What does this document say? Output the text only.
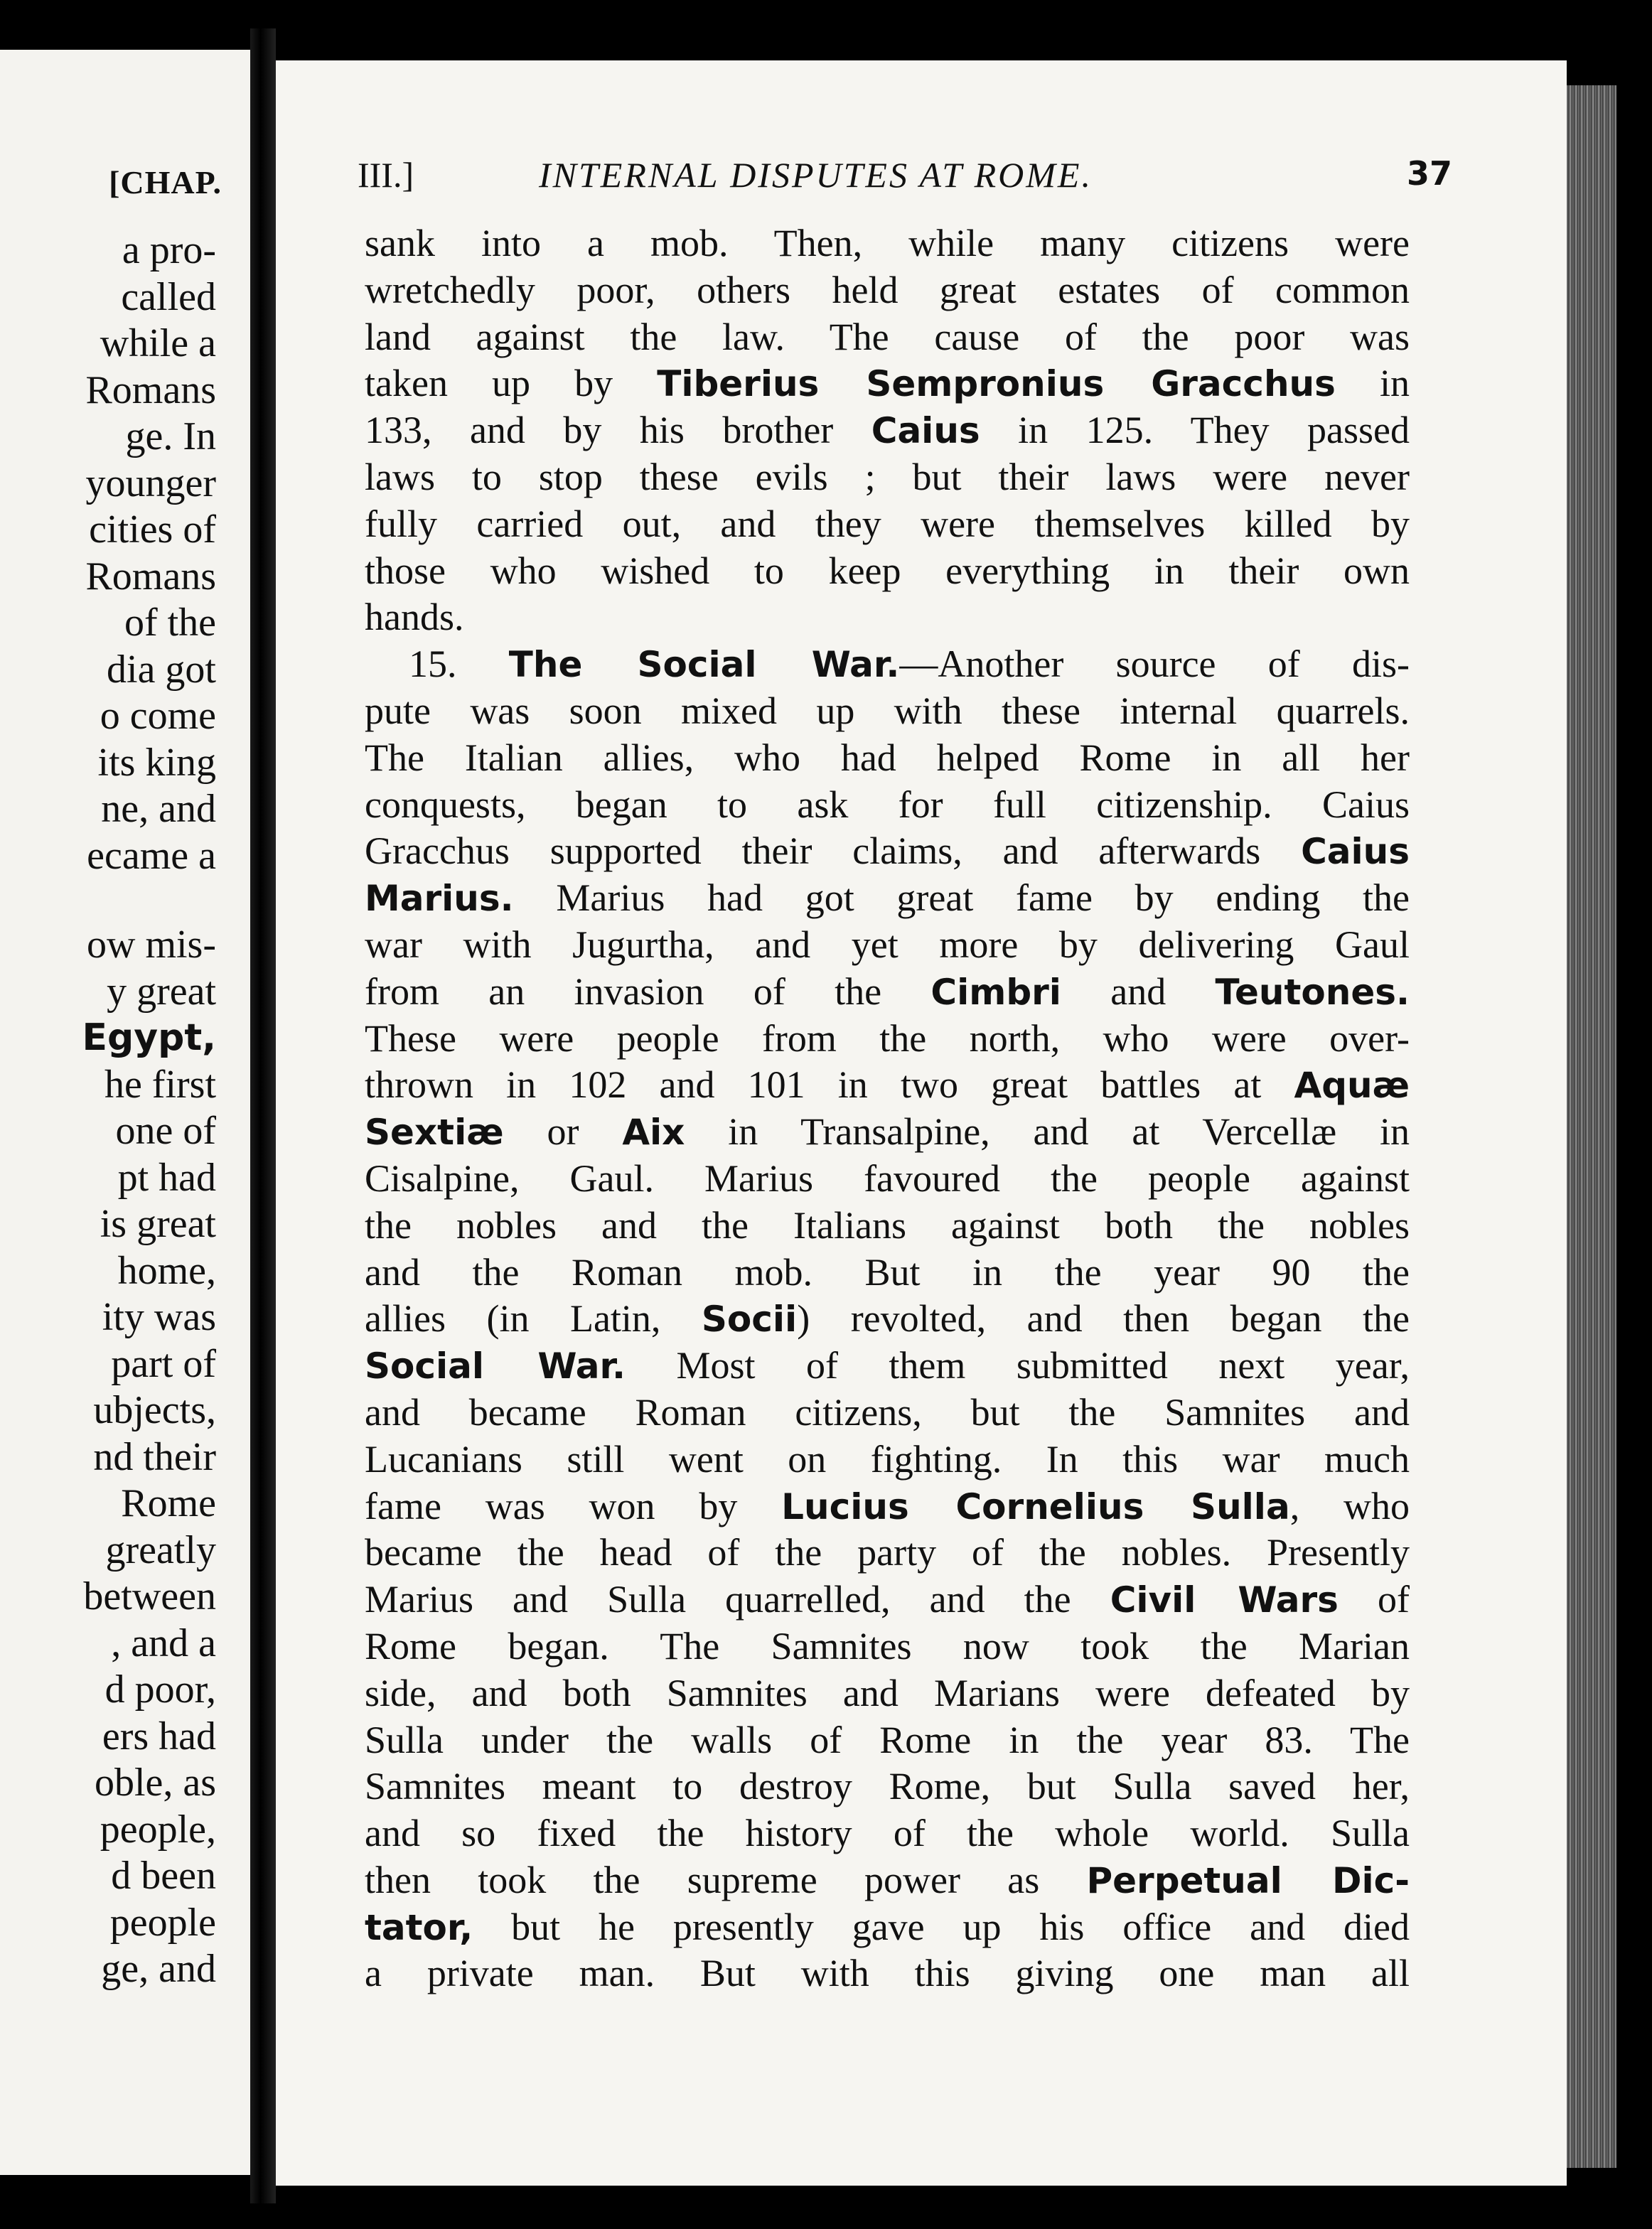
[CHAP.
a pro-
called
while a
Romans
ge. In
younger
cities of
Romans
of the
dia got
o come
its king
ne, and
ecame a
ow mis-
y great
Egypt,
he first
one of
pt had
is great
home,
ity was
part of
ubjects,
nd their
Rome
greatly
between
, and a
d poor,
ers had
oble, as
people,
d been
people
ge, and
III.]	INTERNAL DISPUTES AT ROME.	37
sank into a mob. Then, while many citizens were
wretchedly poor, others held great estates of common
land against the law. The cause of the poor was
taken up by Tiberius Sempronius Gracchus in
133, and by his brother Caius in 125. They passed
laws to stop these evils ; but their laws were never
fully carried out, and they were themselves killed by
those who wished to keep everything in their own
hands.
15. The Social War.—Another source of dis-
pute was soon mixed up with these internal quarrels.
The Italian allies, who had helped Rome in all her
conquests, began to ask for full citizenship. Caius
Gracchus supported their claims, and afterwards Caius
Marius. Marius had got great fame by ending the
war with Jugurtha, and yet more by delivering Gaul
from an invasion of the Cimbri and Teutones.
These were people from the north, who were over-
thrown in 102 and 101 in two great battles at Aquæ
Sextiæ or Aix in Transalpine, and at Vercellæ in
Cisalpine, Gaul. Marius favoured the people against
the nobles and the Italians against both the nobles
and the Roman mob. But in the year 90 the
allies (in Latin, Socii) revolted, and then began the
Social War. Most of them submitted next year,
and became Roman citizens, but the Samnites and
Lucanians still went on fighting. In this war much
fame was won by Lucius Cornelius Sulla, who
became the head of the party of the nobles. Presently
Marius and Sulla quarrelled, and the Civil Wars of
Rome began. The Samnites now took the Marian
side, and both Samnites and Marians were defeated by
Sulla under the walls of Rome in the year 83. The
Samnites meant to destroy Rome, but Sulla saved her,
and so fixed the history of the whole world. Sulla
then took the supreme power as Perpetual Dic-
tator, but he presently gave up his office and died
a private man. But with this giving one man all
